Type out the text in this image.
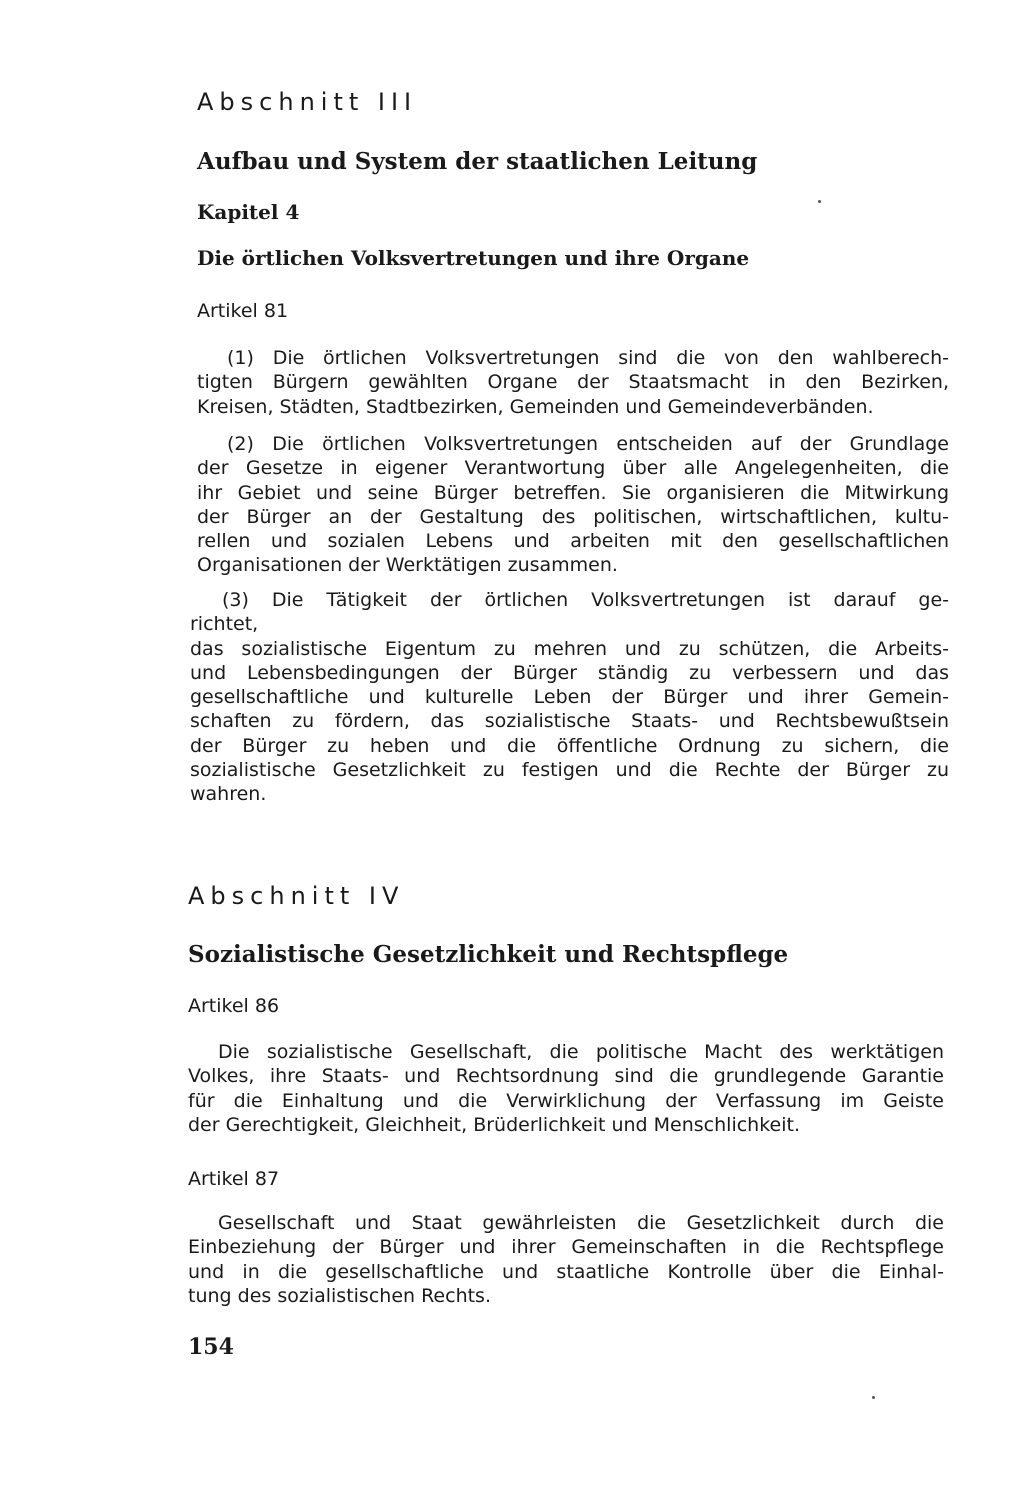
Abschnitt III
Aufbau und System der staatlichen Leitung
Kapitel 4
Die örtlichen Volksvertretungen und ihre Organe

Artikel 81

(1) Die örtlichen Volksvertretungen sind die von den wahlberech-
tigten Bürgern gewählten Organe der Staatsmacht in den Bezirken,
Kreisen, Städten, Stadtbezirken, Gemeinden und Gemeindeverbänden.
(2) Die örtlichen Volksvertretungen entscheiden auf der Grundlage
der Gesetze in eigener Verantwortung über alle Angelegenheiten, die
ihr Gebiet und seine Bürger betreffen. Sie organisieren die Mitwirkung
der Bürger an der Gestaltung des politischen, wirtschaftlichen, kultu-
rellen und sozialen Lebens und arbeiten mit den gesellschaftlichen
Organisationen der Werktätigen zusammen.
(3) Die Tätigkeit der örtlichen Volksvertretungen ist darauf ge-
richtet,
das sozialistische Eigentum zu mehren und zu schützen, die Arbeits-
und Lebensbedingungen der Bürger ständig zu verbessern und das
gesellschaftliche und kulturelle Leben der Bürger und ihrer Gemein-
schaften zu fördern, das sozialistische Staats- und Rechtsbewußtsein
der Bürger zu heben und die öffentliche Ordnung zu sichern, die
sozialistische Gesetzlichkeit zu festigen und die Rechte der Bürger zu
wahren.
Abschnitt IV
Sozialistische Gesetzlichkeit und Rechtspflege

Artikel 86

Die sozialistische Gesellschaft, die politische Macht des werktätigen
Volkes, ihre Staats- und Rechtsordnung sind die grundlegende Garantie
für die Einhaltung und die Verwirklichung der Verfassung im Geiste
der Gerechtigkeit, Gleichheit, Brüderlichkeit und Menschlichkeit.

Artikel 87

Gesellschaft und Staat gewährleisten die Gesetzlichkeit durch die
Einbeziehung der Bürger und ihrer Gemeinschaften in die Rechtspflege
und in die gesellschaftliche und staatliche Kontrolle über die Einhal-
tung des sozialistischen Rechts.

154
